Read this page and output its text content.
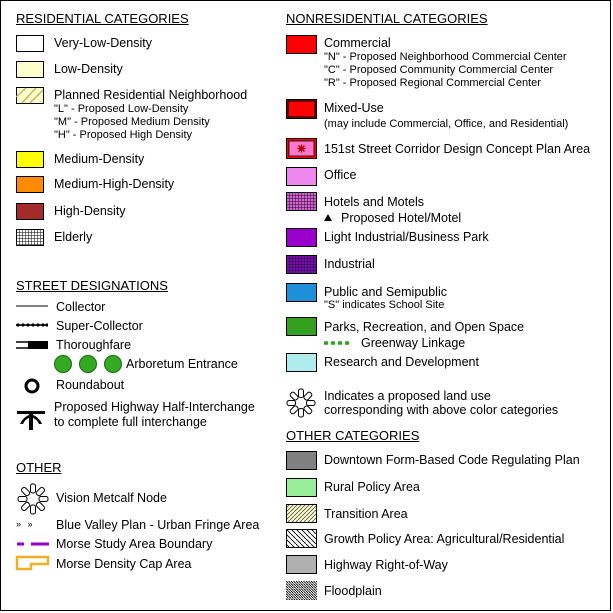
RESIDENTIAL CATEGORIES
Very-Low-Density
Low-Density
Planned Residential Neighborhood
"L" - Proposed Low-Density
"M" - Proposed Medium Density
"H" - Proposed High Density
Medium-Density
Medium-High-Density
High-Density
Elderly
STREET DESIGNATIONS
Collector
Super-Collector
Thoroughfare
Arboretum Entrance
Roundabout
Proposed Highway Half-Interchange
to complete full interchange
OTHER
Vision Metcalf Node
» » Blue Valley Plan - Urban Fringe Area
Morse Study Area Boundary
Morse Density Cap Area
NONRESIDENTIAL CATEGORIES
Commercial
"N" - Proposed Neighborhood Commercial Center
"C" - Proposed Community Commercial Center
"R" - Proposed Regional Commercial Center
Mixed-Use
(may include Commercial, Office, and Residential)
151st Street Corridor Design Concept Plan Area
Office
Hotels and Motels
Proposed Hotel/Motel
Light Industrial/Business Park
Industrial
Public and Semipublic
"S" indicates School Site
Parks, Recreation, and Open Space
Greenway Linkage
Research and Development
Indicates a proposed land use
corresponding with above color categories
OTHER CATEGORIES
Downtown Form-Based Code Regulating Plan
Rural Policy Area
Transition Area
Growth Policy Area: Agricultural/Residential
Highway Right-of-Way
Floodplain
